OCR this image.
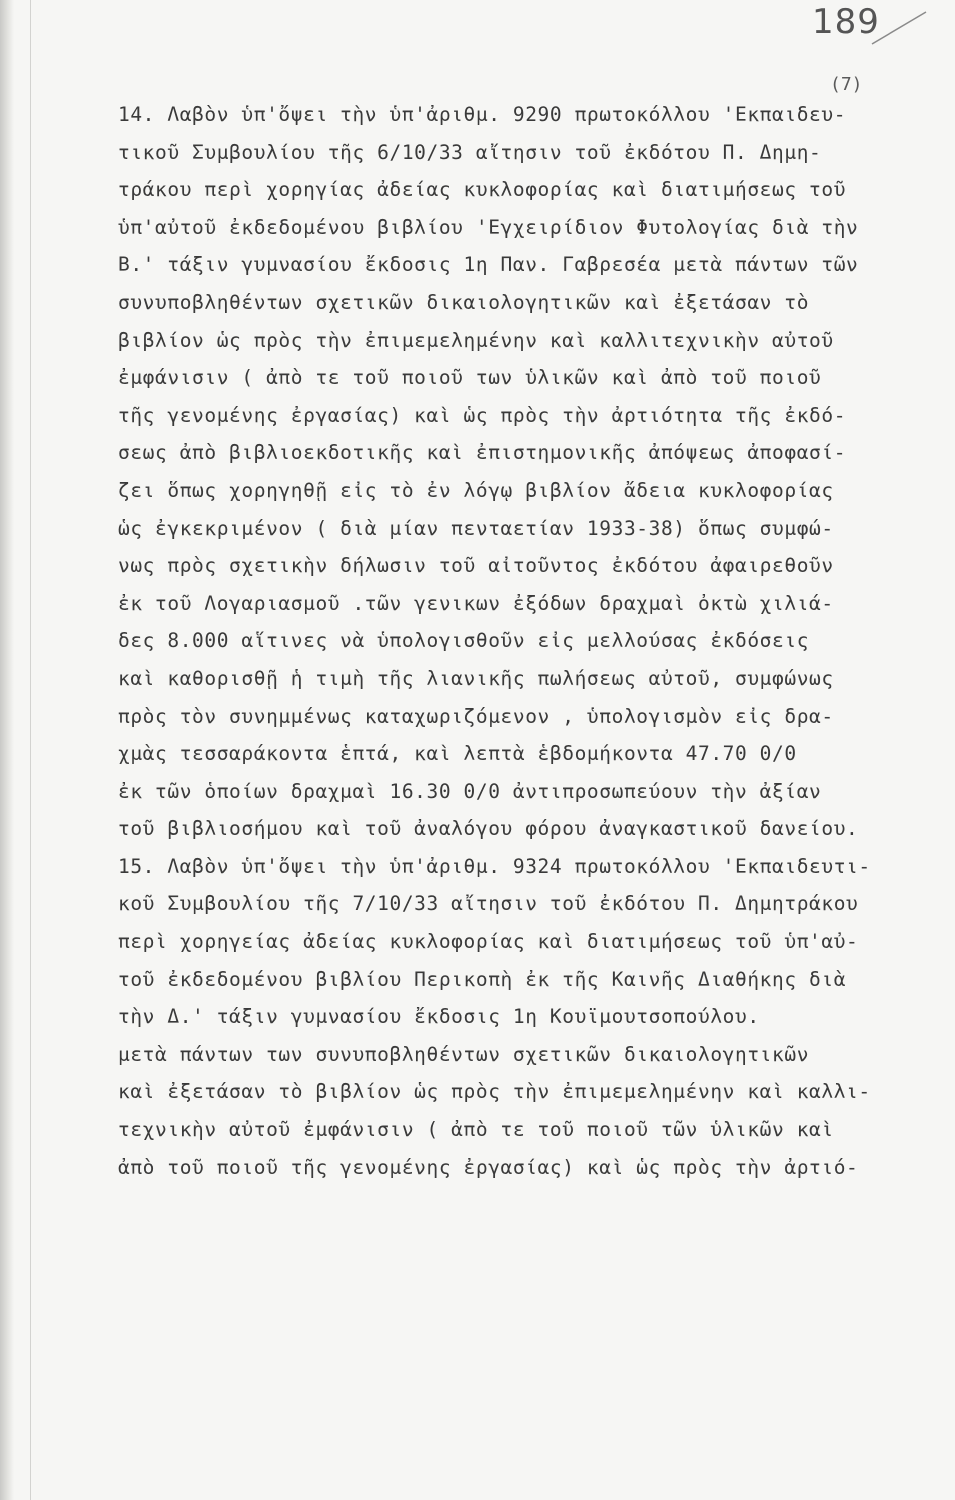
189
(7)
14. Λαβὸν ὑπ'ὄψει τὴν ὑπ'ἀριθμ. 9290 πρωτοκόλλου 'Εκπαιδευ-
τικοῦ Συμβουλίου τῆς 6/10/33 αἴτησιν τοῦ ἐκδότου Π. Δημη-
τράκου περὶ χορηγίας ἀδείας κυκλοφορίας καὶ διατιμήσεως τοῦ
ὑπ'αὐτοῦ ἐκδεδομένου βιβλίου 'Εγχειρίδιον Φυτολογίας διὰ τὴν
Β.' τάξιν γυμνασίου ἔκδοσις 1η Παν. Γαβρεσέα μετὰ πάντων τῶν
συνυποβληθέντων σχετικῶν δικαιολογητικῶν καὶ ἐξετάσαν τὸ
βιβλίον ὡς πρὸς τὴν ἐπιμεμελημένην καὶ καλλιτεχνικὴν αὐτοῦ
ἐμφάνισιν ( ἀπὸ τε τοῦ ποιοῦ των ὑλικῶν καὶ ἀπὸ τοῦ ποιοῦ
τῆς γενομένης ἐργασίας) καὶ ὡς πρὸς τὴν ἀρτιότητα τῆς ἐκδό-
σεως ἀπὸ βιβλιοεκδοτικῆς καὶ ἐπιστημονικῆς ἀπόψεως ἀποφασί-
ζει ὅπως χορηγηθῇ εἰς τὸ ἐν λόγῳ βιβλίον ἄδεια κυκλοφορίας
ὡς ἐγκεκριμένον ( διὰ μίαν πενταετίαν 1933-38) ὅπως συμφώ-
νως πρὸς σχετικὴν δήλωσιν τοῦ αἰτοῦντος ἐκδότου ἀφαιρεθοῦν
ἐκ τοῦ Λογαριασμοῦ .τῶν γενικων ἐξόδων δραχμαὶ ὀκτὼ χιλιά-
δες 8.000 αἵτινες νὰ ὑπολογισθοῦν εἰς μελλούσας ἐκδόσεις
καὶ καθορισθῇ ἡ τιμὴ τῆς λιανικῆς πωλήσεως αὐτοῦ, συμφώνως
πρὸς τὸν συνημμένως καταχωριζόμενον , ὑπολογισμὸν εἰς δρα-
χμὰς τεσσαράκοντα ἑπτά, καὶ λεπτὰ ἑβδομήκοντα 47.70 0/0
ἐκ τῶν ὁποίων δραχμαὶ 16.30 0/0 ἀντιπροσωπεύουν τὴν ἀξίαν
τοῦ βιβλιοσήμου καὶ τοῦ ἀναλόγου φόρου ἀναγκαστικοῦ δανείου.
15. Λαβὸν ὑπ'ὄψει τὴν ὑπ'ἀριθμ. 9324 πρωτοκόλλου 'Εκπαιδευτι-
κοῦ Συμβουλίου τῆς 7/10/33 αἴτησιν τοῦ ἐκδότου Π. Δημητράκου
περὶ χορηγείας ἀδείας κυκλοφορίας καὶ διατιμήσεως τοῦ ὑπ'αὐ-
τοῦ ἐκδεδομένου βιβλίου Περικοπὴ ἐκ τῆς Καινῆς Διαθήκης διὰ
τὴν Δ.' τάξιν γυμνασίου ἔκδοσις 1η Κουϊμουτσοπούλου.
μετὰ πάντων των συνυποβληθέντων σχετικῶν δικαιολογητικῶν
καὶ ἐξετάσαν τὸ βιβλίον ὡς πρὸς τὴν ἐπιμεμελημένην καὶ καλλι-
τεχνικὴν αὐτοῦ ἐμφάνισιν ( ἀπὸ τε τοῦ ποιοῦ τῶν ὑλικῶν καὶ
ἀπὸ τοῦ ποιοῦ τῆς γενομένης ἐργασίας) καὶ ὡς πρὸς τὴν ἀρτιό-
